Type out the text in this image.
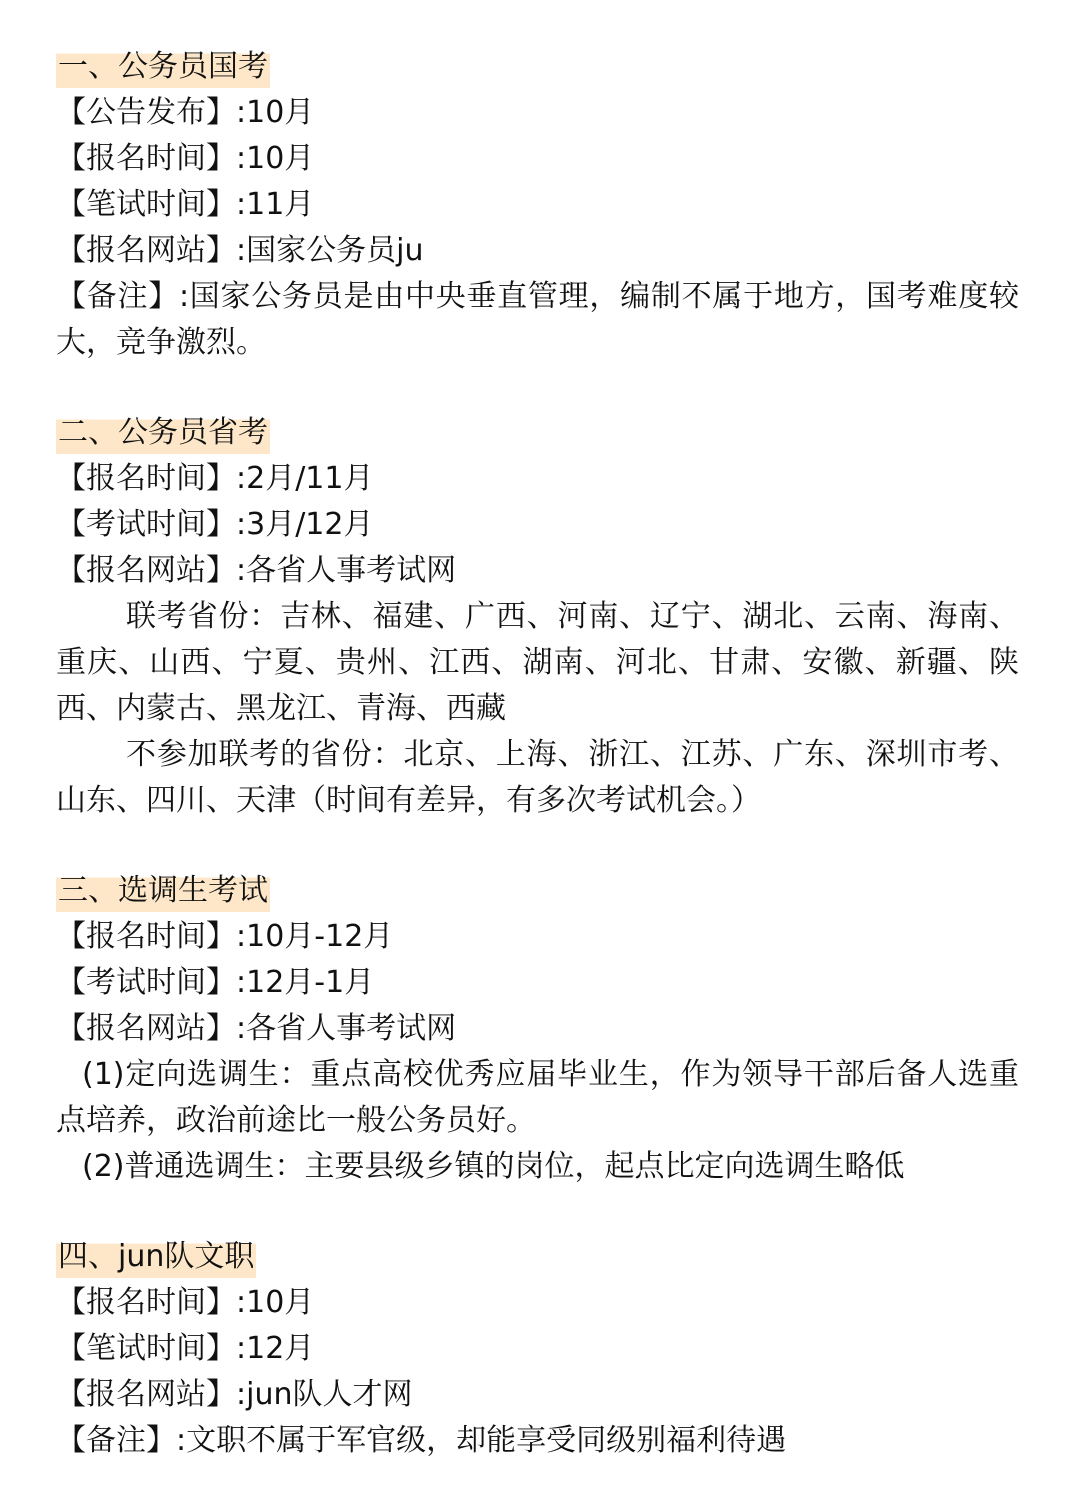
一、公务员国考
【公告发布】:10月
【报名时间】:10月
【笔试时间】:11月
【报名网站】:国家公务员ju

【备注】:国家公务员是由中央垂直管理，编制不属于地方，国考难度较大，竞争激烈。

二、公务员省考
【报名时间】:2月/11月
【考试时间】:3月/12月
【报名网站】:各省人事考试网

联考省份：吉林、福建、广西、河南、辽宁、湖北、云南、海南、重庆、山西、宁夏、贵州、江西、湖南、河北、甘肃、安徽、新疆、陕西、内蒙古、黑龙江、青海、西藏

不参加联考的省份：北京、上海、浙江、江苏、广东、深圳市考、山东、四川、天津（时间有差异，有多次考试机会。）

三、选调生考试
【报名时间】:10月-12月
【考试时间】:12月-1月
【报名网站】:各省人事考试网

(1)定向选调生：重点高校优秀应届毕业生，作为领导干部后备人选重点培养，政治前途比一般公务员好。

(2)普通选调生：主要县级乡镇的岗位，起点比定向选调生略低

四、jun队文职
【报名时间】:10月
【笔试时间】:12月
【报名网站】:jun队人才网
【备注】:文职不属于军官级，却能享受同级别福利待遇
